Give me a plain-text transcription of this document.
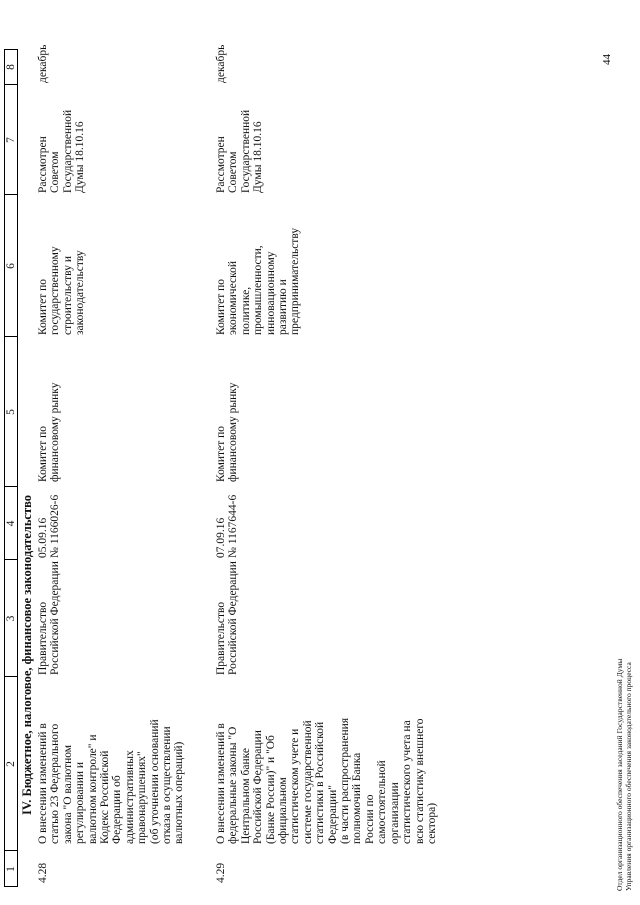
1
2
3
4
5
6
7
8
IV. Бюджетное, налоговое, финансовое законодательство
4.28
О внесении изменений в
статью 23 Федерального
закона "О валютном
регулировании и
валютном контроле" и
Кодекс Российской
Федерации об
административных
правонарушениях"
(об уточнении оснований
отказа в осуществлении
валютных операций)
Правительство
Российской Федерации
05.09.16
№ 1166026-6
Комитет по
финансовому рынку
Комитет по
государственному
строительству и
законодательству
Рассмотрен
Советом
Государственной
Думы 18.10.16
декабрь
4.29
О внесении изменений в
федеральные законы "О
Центральном банке
Российской Федерации
(Банке России)" и "Об
официальном
статистическом учете и
системе государственной
статистики в Российской
Федерации"
(в части распространения
полномочий Банка
России по
самостоятельной
организации
статистического учета на
всю статистику внешнего
сектора)
Правительство
Российской Федерации
07.09.16
№ 1167644-6
Комитет по
финансовому рынку
Комитет по
экономической
политике,
промышленности,
инновационному
развитию и
предпринимательству
Рассмотрен
Советом
Государственной
Думы 18.10.16
декабрь	44
Отдел организационного обеспечения заседаний Государственной Думы
Управления организационного обеспечения законодательного процесса
